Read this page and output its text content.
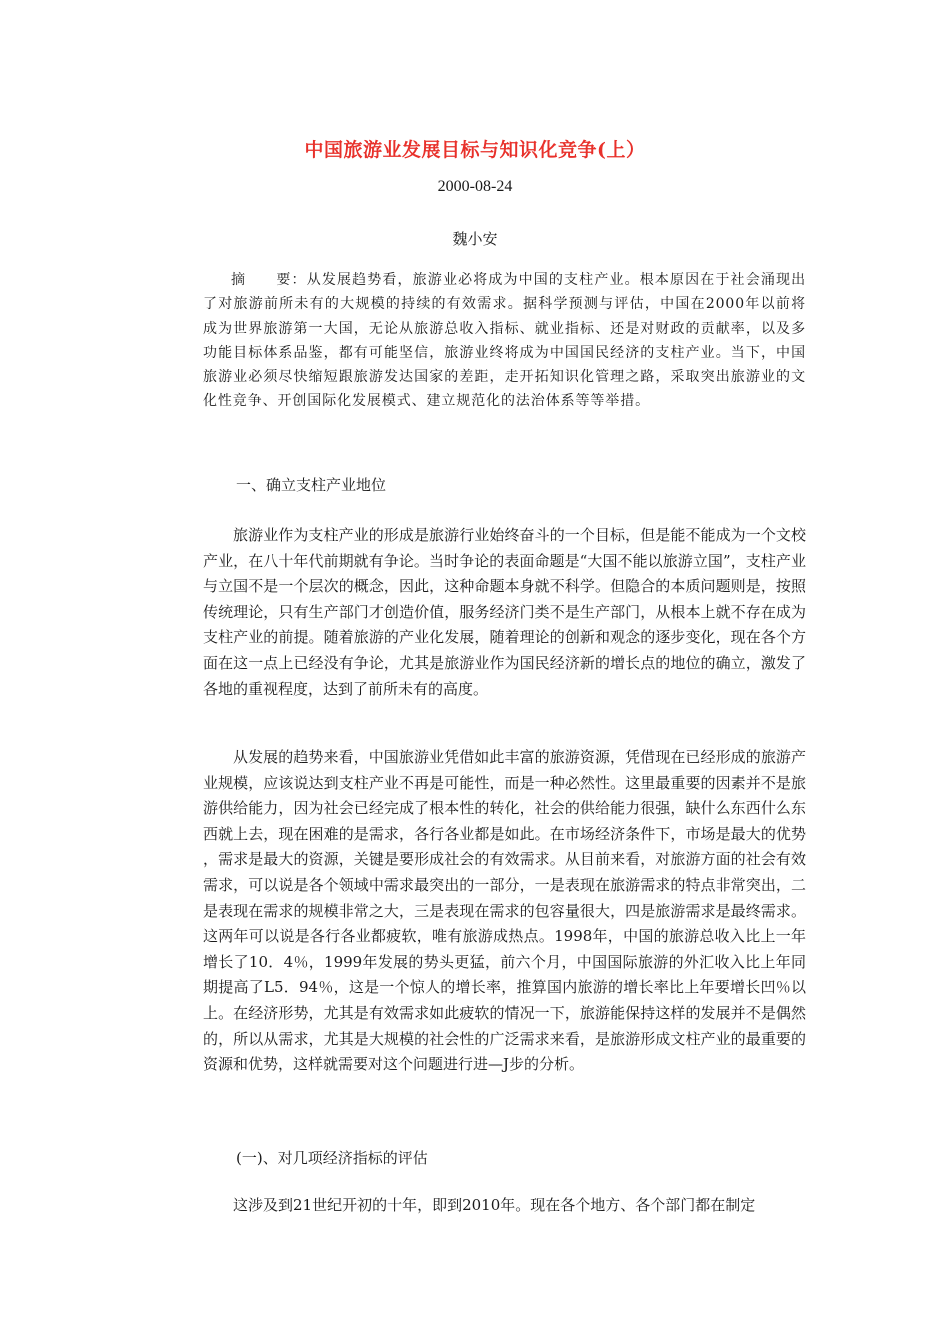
中国旅游业发展目标与知识化竞争(上）
2000-08-24
魏小安

摘　　要：从发展趋势看，旅游业必将成为中国的支柱产业。根本原因在于社会涌现出了对旅游前所未有的大规模的持续的有效需求。据科学预测与评估，中国在2000年以前将成为世界旅游第一大国，无论从旅游总收入指标、就业指标、还是对财政的贡献率，以及多功能目标体系品鉴，都有可能坚信，旅游业终将成为中国国民经济的支柱产业。当下，中国旅游业必须尽快缩短跟旅游发达国家的差距，走开拓知识化管理之路，采取突出旅游业的文化性竞争、开创国际化发展模式、建立规范化的法治体系等等举措。

一、确立支柱产业地位

旅游业作为支柱产业的形成是旅游行业始终奋斗的一个目标，但是能不能成为一个文校产业，在八十年代前期就有争论。当时争论的表面命题是“大国不能以旅游立国”，支柱产业与立国不是一个层次的概念，因此，这种命题本身就不科学。但隐合的本质问题则是，按照传统理论，只有生产部门才创造价值，服务经济门类不是生产部门，从根本上就不存在成为支柱产业的前提。随着旅游的产业化发展，随着理论的创新和观念的逐步变化，现在各个方面在这一点上已经没有争论，尤其是旅游业作为国民经济新的增长点的地位的确立，激发了各地的重视程度，达到了前所未有的高度。

从发展的趋势来看，中国旅游业凭借如此丰富的旅游资源，凭借现在已经形成的旅游产业规模，应该说达到支柱产业不再是可能性，而是一种必然性。这里最重要的因素并不是旅游供给能力，因为社会已经完成了根本性的转化，社会的供给能力很强，缺什么东西什么东西就上去，现在困难的是需求，各行各业都是如此。在市场经济条件下，市场是最大的优势，需求是最大的资源，关键是要形成社会的有效需求。从目前来看，对旅游方面的社会有效需求，可以说是各个领域中需求最突出的一部分，一是表现在旅游需求的特点非常突出，二是表现在需求的规模非常之大，三是表现在需求的包容量很大，四是旅游需求是最终需求。这两年可以说是各行各业都疲软，唯有旅游成热点。1998年，中国的旅游总收入比上一年增长了10．4％，1999年发展的势头更猛，前六个月，中国国际旅游的外汇收入比上年同期提高了L5．94％，这是一个惊人的增长率，推算国内旅游的增长率比上年要增长凹％以上。在经济形势，尤其是有效需求如此疲软的情况一下，旅游能保持这样的发展并不是偶然的，所以从需求，尤其是大规模的社会性的广泛需求来看，是旅游形成文柱产业的最重要的资源和优势，这样就需要对这个问题进行进—J步的分析。

(一)、对几项经济指标的评估

这涉及到21世纪开初的十年，即到2010年。现在各个地方、各个部门都在制定
